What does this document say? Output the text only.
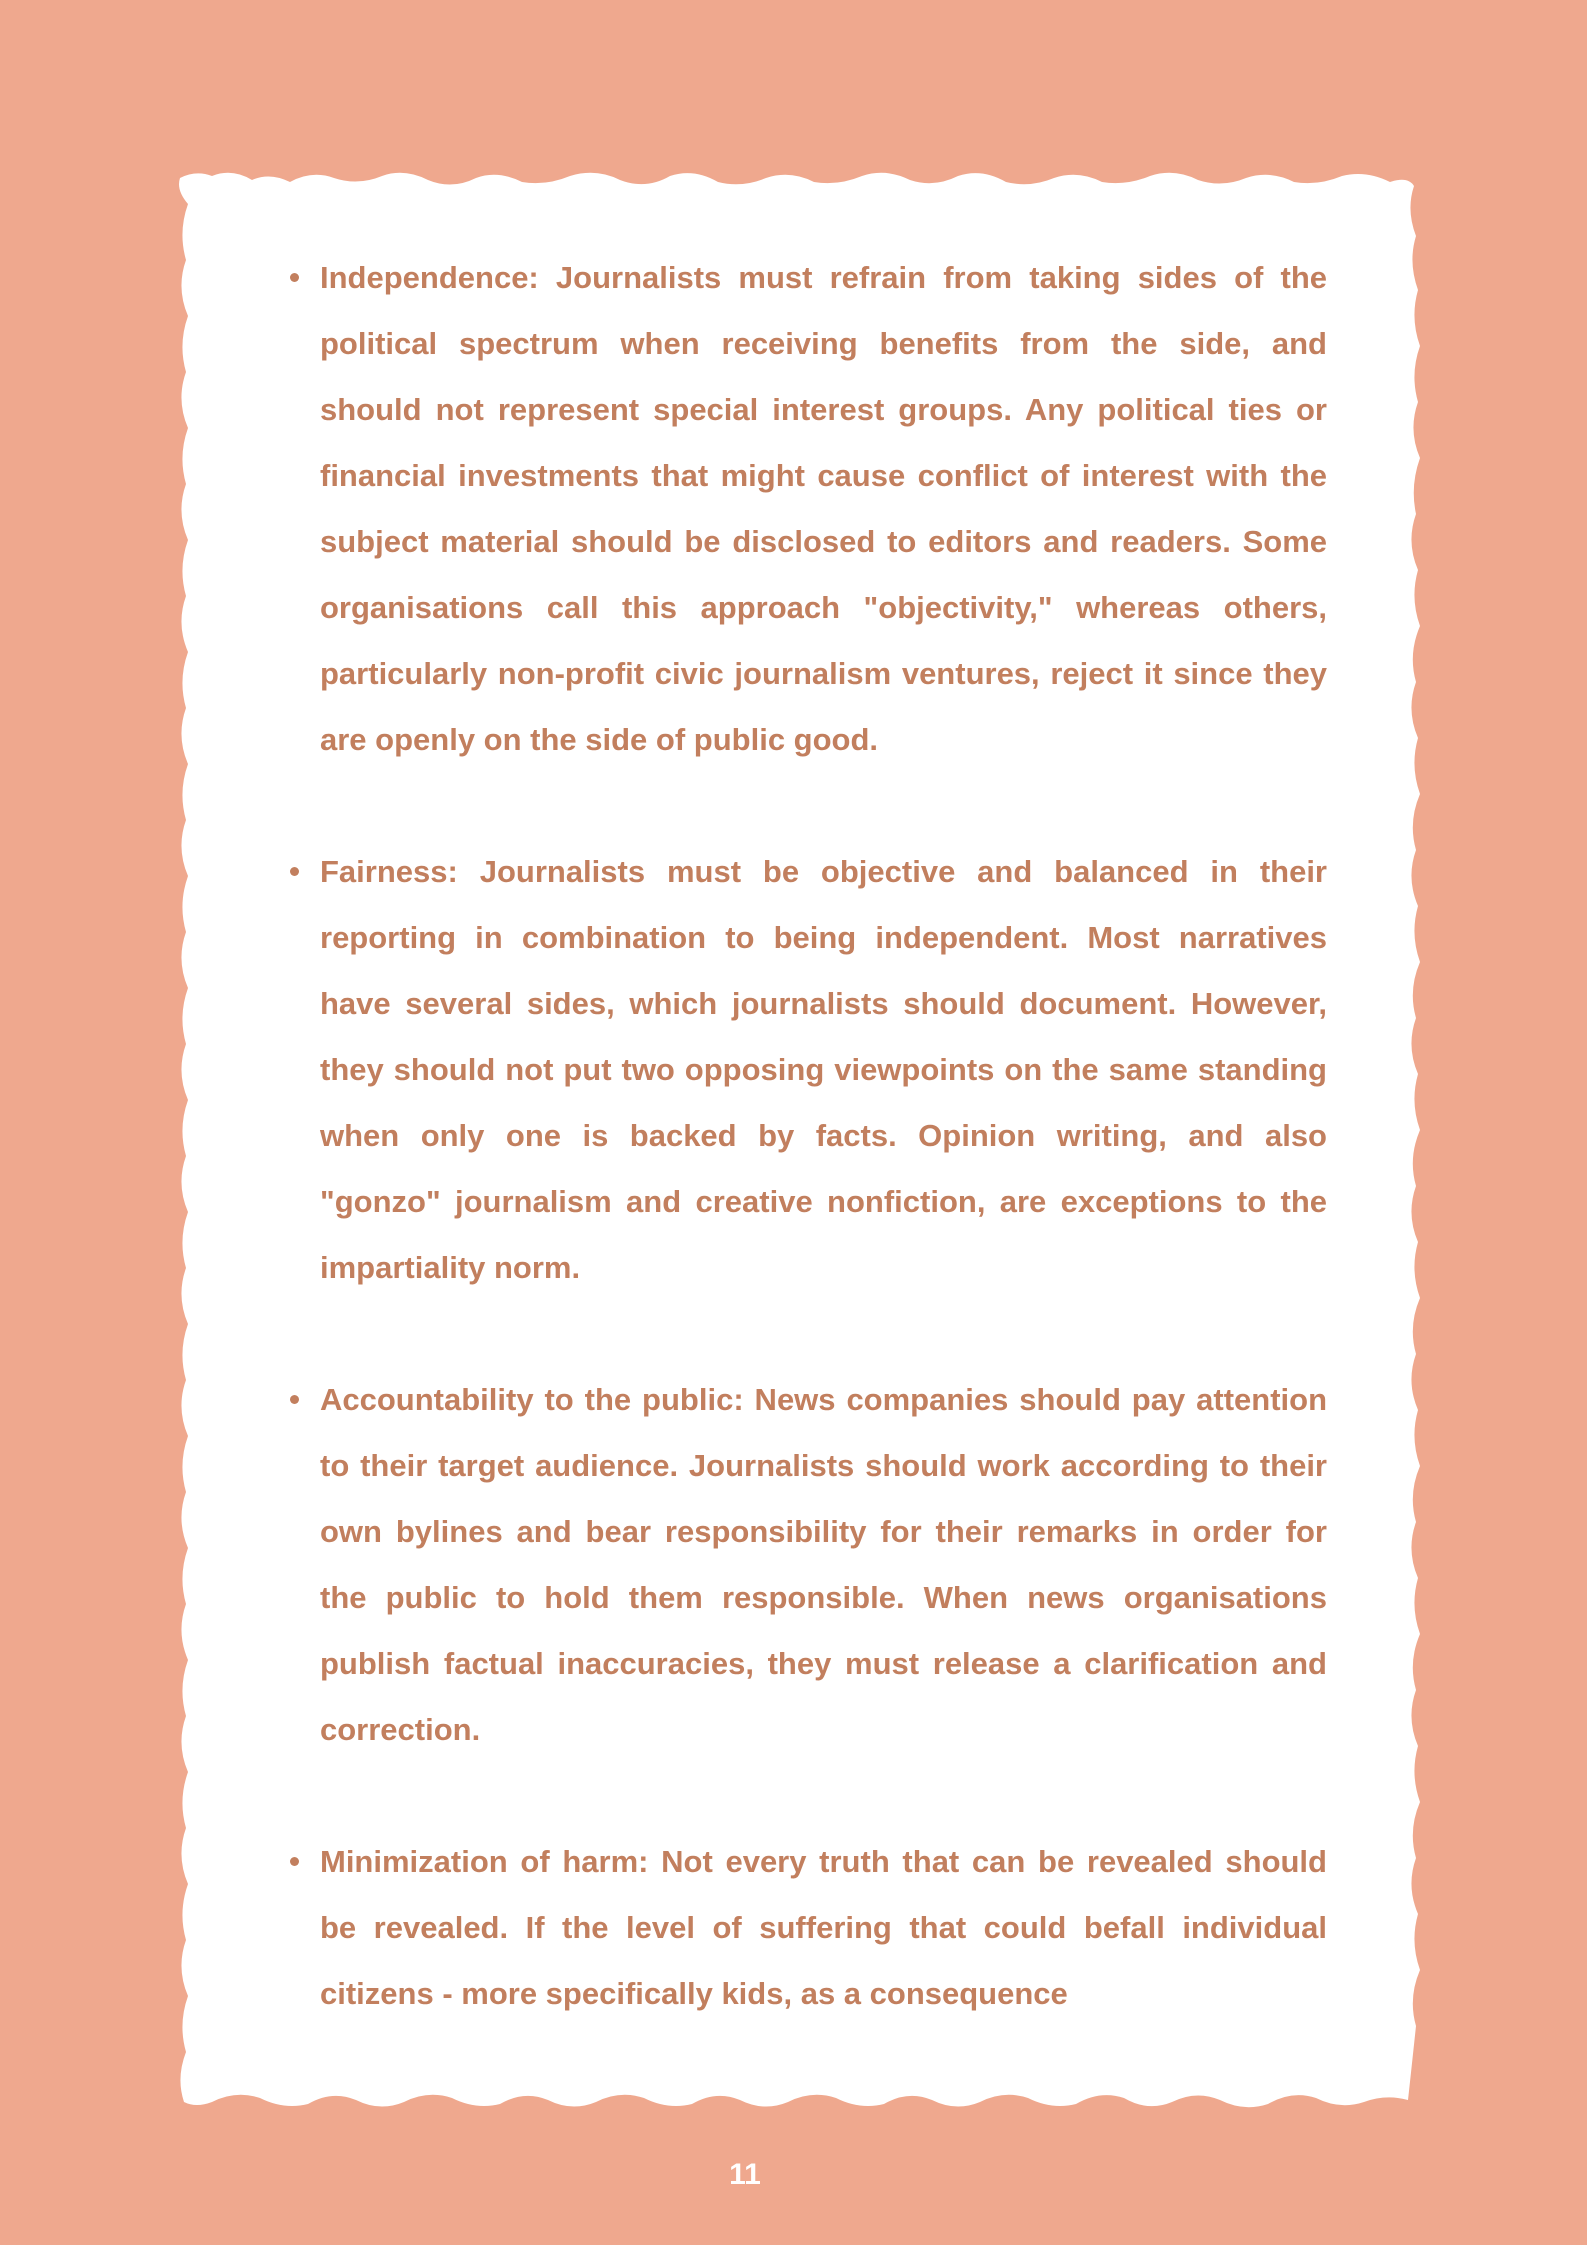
Independence: Journalists must refrain from taking sides of the political spectrum when receiving benefits from the side, and should not represent special interest groups. Any political ties or financial investments that might cause conflict of interest with the subject material should be disclosed to editors and readers. Some organisations call this approach "objectivity," whereas others, particularly non-profit civic journalism ventures, reject it since they are openly on the side of public good.
Fairness: Journalists must be objective and balanced in their reporting in combination to being independent. Most narratives have several sides, which journalists should document. However, they should not put two opposing viewpoints on the same standing when only one is backed by facts. Opinion writing, and also "gonzo" journalism and creative nonfiction, are exceptions to the impartiality norm.
Accountability to the public: News companies should pay attention to their target audience. Journalists should work according to their own bylines and bear responsibility for their remarks in order for the public to hold them responsible. When news organisations publish factual inaccuracies, they must release a clarification and correction.
Minimization of harm: Not every truth that can be revealed should be revealed. If the level of suffering that could befall individual citizens - more specifically kids, as a consequence
11
